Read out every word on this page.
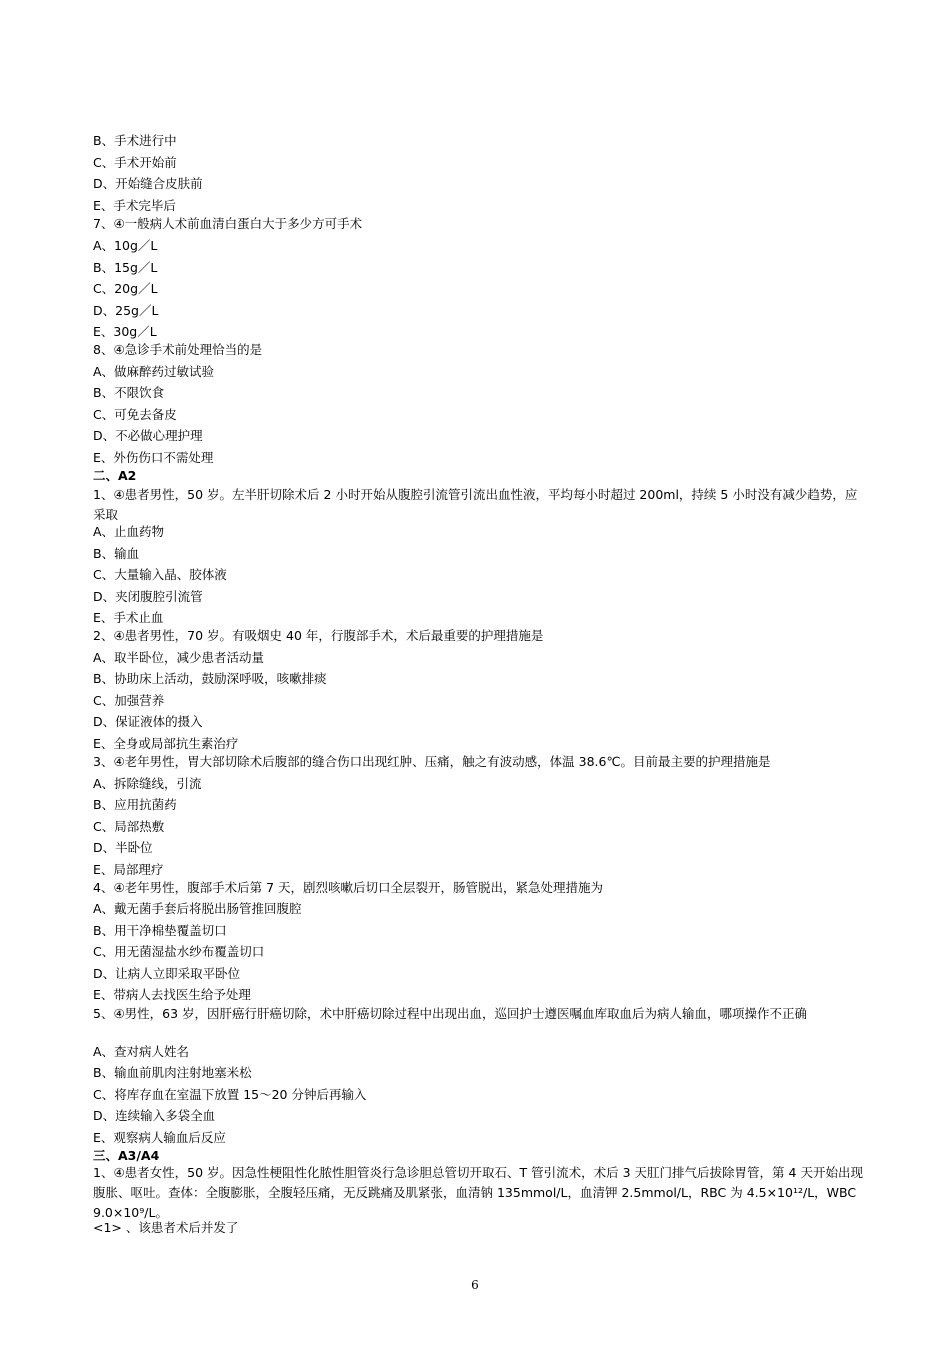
B、手术进行中
C、手术开始前
D、开始缝合皮肤前
E、手术完毕后
7、④一般病人术前血清白蛋白大于多少方可手术
A、10g／L
B、15g／L
C、20g／L
D、25g／L
E、30g／L
8、④急诊手术前处理恰当的是
A、做麻醉药过敏试验
B、不限饮食
C、可免去备皮
D、不必做心理护理
E、外伤伤口不需处理
二、A2
1、④患者男性，50 岁。左半肝切除术后 2 小时开始从腹腔引流管引流出血性液，平均每小时超过 200ml，持续 5 小时没有减少趋势，应采取
A、止血药物
B、输血
C、大量输入晶、胶体液
D、夹闭腹腔引流管
E、手术止血
2、④患者男性，70 岁。有吸烟史 40 年，行腹部手术，术后最重要的护理措施是
A、取半卧位，减少患者活动量
B、协助床上活动，鼓励深呼吸，咳嗽排痰
C、加强营养
D、保证液体的摄入
E、全身或局部抗生素治疗
3、④老年男性，胃大部切除术后腹部的缝合伤口出现红肿、压痛，触之有波动感，体温 38.6℃。目前最主要的护理措施是
A、拆除缝线，引流
B、应用抗菌药
C、局部热敷
D、半卧位
E、局部理疗
4、④老年男性，腹部手术后第 7 天，剧烈咳嗽后切口全层裂开，肠管脱出，紧急处理措施为
A、戴无菌手套后将脱出肠管推回腹腔
B、用干净棉垫覆盖切口
C、用无菌湿盐水纱布覆盖切口
D、让病人立即采取平卧位
E、带病人去找医生给予处理
5、④男性，63 岁，因肝癌行肝癌切除，术中肝癌切除过程中出现出血，巡回护士遵医嘱血库取血后为病人输血，哪项操作不正确
A、查对病人姓名
B、输血前肌肉注射地塞米松
C、将库存血在室温下放置 15～20 分钟后再输入
D、连续输入多袋全血
E、观察病人输血后反应
三、A3/A4
1、④患者女性，50 岁。因急性梗阻性化脓性胆管炎行急诊胆总管切开取石、T 管引流术，术后 3 天肛门排气后拔除胃管，第 4 天开始出现腹胀、呕吐。查体：全腹膨胀，全腹轻压痛，无反跳痛及肌紧张，血清钠 135mmol/L，血清钾 2.5mmol/L，RBC 为 4.5×10¹²/L，WBC9.0×10⁹/L。
<1> 、该患者术后并发了
6
